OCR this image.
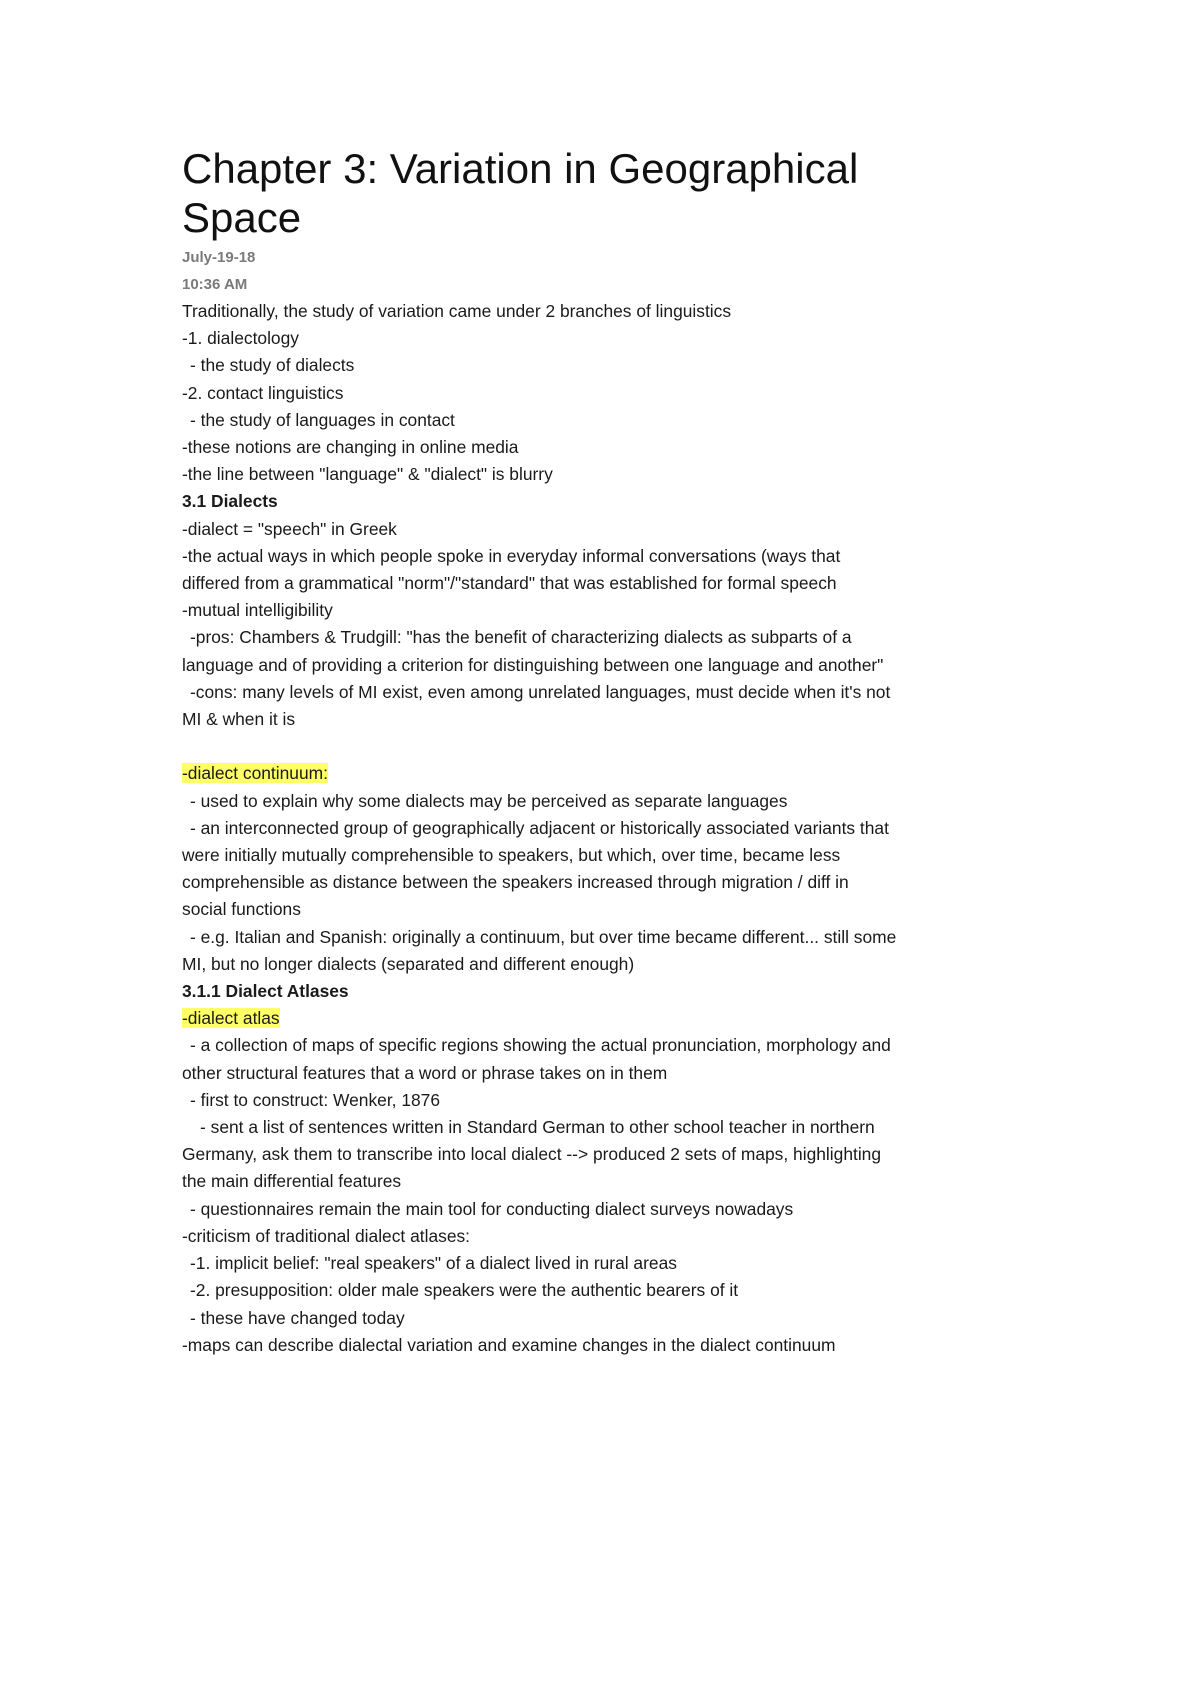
Chapter 3: Variation in Geographical Space
July-19-18
10:36 AM
Traditionally, the study of variation came under 2 branches of linguistics
-1. dialectology
- the study of dialects
-2. contact linguistics
- the study of languages in contact
-these notions are changing in online media
-the line between "language" & "dialect" is blurry
3.1 Dialects
-dialect = "speech" in Greek
-the actual ways in which people spoke in everyday informal conversations (ways that
differed from a grammatical "norm"/"standard" that was established for formal speech
-mutual intelligibility
-pros: Chambers & Trudgill: "has the benefit of characterizing dialects as subparts of a
language and of providing a criterion for distinguishing between one language and another"
-cons: many levels of MI exist, even among unrelated languages, must decide when it's not
MI & when it is
-dialect continuum:
- used to explain why some dialects may be perceived as separate languages
- an interconnected group of geographically adjacent or historically associated variants that
were initially mutually comprehensible to speakers, but which, over time, became less
comprehensible as distance between the speakers increased through migration / diff in
social functions
- e.g. Italian and Spanish: originally a continuum, but over time became different... still some
MI, but no longer dialects (separated and different enough)
3.1.1 Dialect Atlases
-dialect atlas
- a collection of maps of specific regions showing the actual pronunciation, morphology and
other structural features that a word or phrase takes on in them
- first to construct: Wenker, 1876
- sent a list of sentences written in Standard German to other school teacher in northern
Germany, ask them to transcribe into local dialect --> produced 2 sets of maps, highlighting
the main differential features
- questionnaires remain the main tool for conducting dialect surveys nowadays
-criticism of traditional dialect atlases:
-1. implicit belief: "real speakers" of a dialect lived in rural areas
-2. presupposition: older male speakers were the authentic bearers of it
- these have changed today
-maps can describe dialectal variation and examine changes in the dialect continuum
